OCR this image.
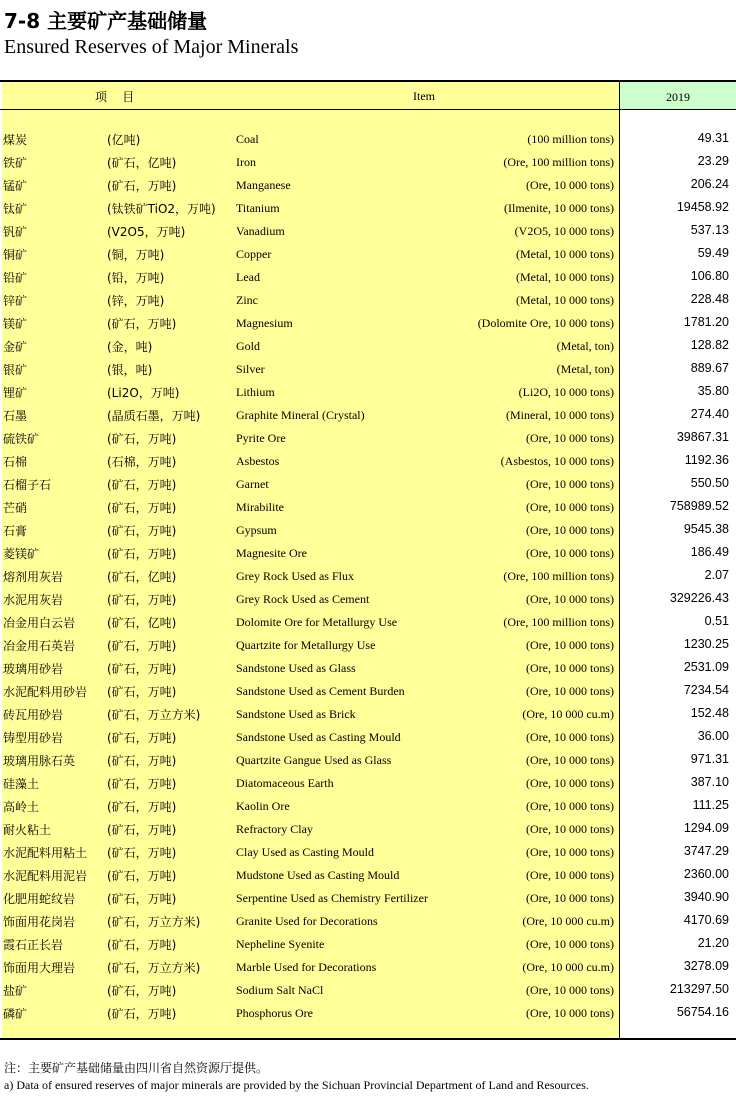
7-8 主要矿产基础储量
Ensured Reserves of Major Minerals
项    目	Item	2019
煤炭	(亿吨)	Coal	(100 million tons)	49.31
铁矿	(矿石，亿吨)	Iron	(Ore, 100 million tons)	23.29
锰矿	(矿石，万吨)	Manganese	(Ore, 10 000 tons)	206.24
钛矿	(钛铁矿TiO2，万吨) Titanium	(Ilmenite, 10 000 tons)	19458.92
钒矿	(V2O5，万吨)	Vanadium	(V2O5, 10 000 tons)	537.13
铜矿	(铜，万吨)	Copper	(Metal, 10 000 tons)	59.49
铅矿	(铅，万吨)	Lead	(Metal, 10 000 tons)	106.80
锌矿	(锌，万吨)	Zinc	(Metal, 10 000 tons)	228.48
镁矿	(矿石，万吨)	Magnesium	(Dolomite Ore, 10 000 tons)	1781.20
金矿	(金，吨)	Gold	(Metal, ton)	128.82
银矿	(银，吨)	Silver	(Metal, ton)	889.67
锂矿	(Li2O，万吨)	Lithium	(Li2O, 10 000 tons)	35.80
石墨	(晶质石墨，万吨)	Graphite Mineral (Crystal)	(Mineral, 10 000 tons)	274.40
硫铁矿	(矿石，万吨)	Pyrite Ore	(Ore, 10 000 tons)	39867.31
石棉	(石棉，万吨)	Asbestos	(Asbestos, 10 000 tons)	1192.36
石榴子石	(矿石，万吨)	Garnet	(Ore, 10 000 tons)	550.50
芒硝	(矿石，万吨)	Mirabilite	(Ore, 10 000 tons)	758989.52
石膏	(矿石，万吨)	Gypsum	(Ore, 10 000 tons)	9545.38
菱镁矿	(矿石，万吨)	Magnesite Ore	(Ore, 10 000 tons)	186.49
熔剂用灰岩	(矿石，亿吨)	Grey Rock Used as Flux	(Ore, 100 million tons)	2.07
水泥用灰岩	(矿石，万吨)	Grey Rock Used as Cement	(Ore, 10 000 tons)	329226.43
冶金用白云岩	(矿石，亿吨)	Dolomite Ore for Metallurgy Use	(Ore, 100 million tons)	0.51
冶金用石英岩	(矿石，万吨)	Quartzite for Metallurgy Use	(Ore, 10 000 tons)	1230.25
玻璃用砂岩	(矿石，万吨)	Sandstone Used as Glass	(Ore, 10 000 tons)	2531.09
水泥配料用砂岩 (矿石，万吨)	Sandstone Used as Cement Burden	(Ore, 10 000 tons)	7234.54
砖瓦用砂岩	(矿石，万立方米)	Sandstone Used as Brick	(Ore, 10 000 cu.m)	152.48
铸型用砂岩	(矿石，万吨)	Sandstone Used as Casting Mould	(Ore, 10 000 tons)	36.00
玻璃用脉石英	(矿石，万吨)	Quartzite Gangue Used as Glass	(Ore, 10 000 tons)	971.31
硅藻土	(矿石，万吨)	Diatomaceous Earth	(Ore, 10 000 tons)	387.10
高岭土	(矿石，万吨)	Kaolin Ore	(Ore, 10 000 tons)	111.25
耐火粘土	(矿石，万吨)	Refractory Clay	(Ore, 10 000 tons)	1294.09
水泥配料用粘土 (矿石，万吨)	Clay Used as Casting Mould	(Ore, 10 000 tons)	3747.29
水泥配料用泥岩 (矿石，万吨)	Mudstone Used as Casting Mould	(Ore, 10 000 tons)	2360.00
化肥用蛇纹岩	(矿石，万吨)	Serpentine Used as Chemistry Fertilizer	(Ore, 10 000 tons)	3940.90
饰面用花岗岩	(矿石，万立方米)	Granite Used for Decorations	(Ore, 10 000 cu.m)	4170.69
霞石正长岩	(矿石，万吨)	Nepheline Syenite	(Ore, 10 000 tons)	21.20
饰面用大理岩	(矿石，万立方米)	Marble Used for Decorations	(Ore, 10 000 cu.m)	3278.09
盐矿	(矿石，万吨)	Sodium Salt NaCl	(Ore, 10 000 tons)	213297.50
磷矿	(矿石，万吨)	Phosphorus Ore	(Ore, 10 000 tons)	56754.16
注：主要矿产基础储量由四川省自然资源厅提供。
a) Data of ensured reserves of major minerals are provided by the Sichuan Provincial Department of Land and Resources.
